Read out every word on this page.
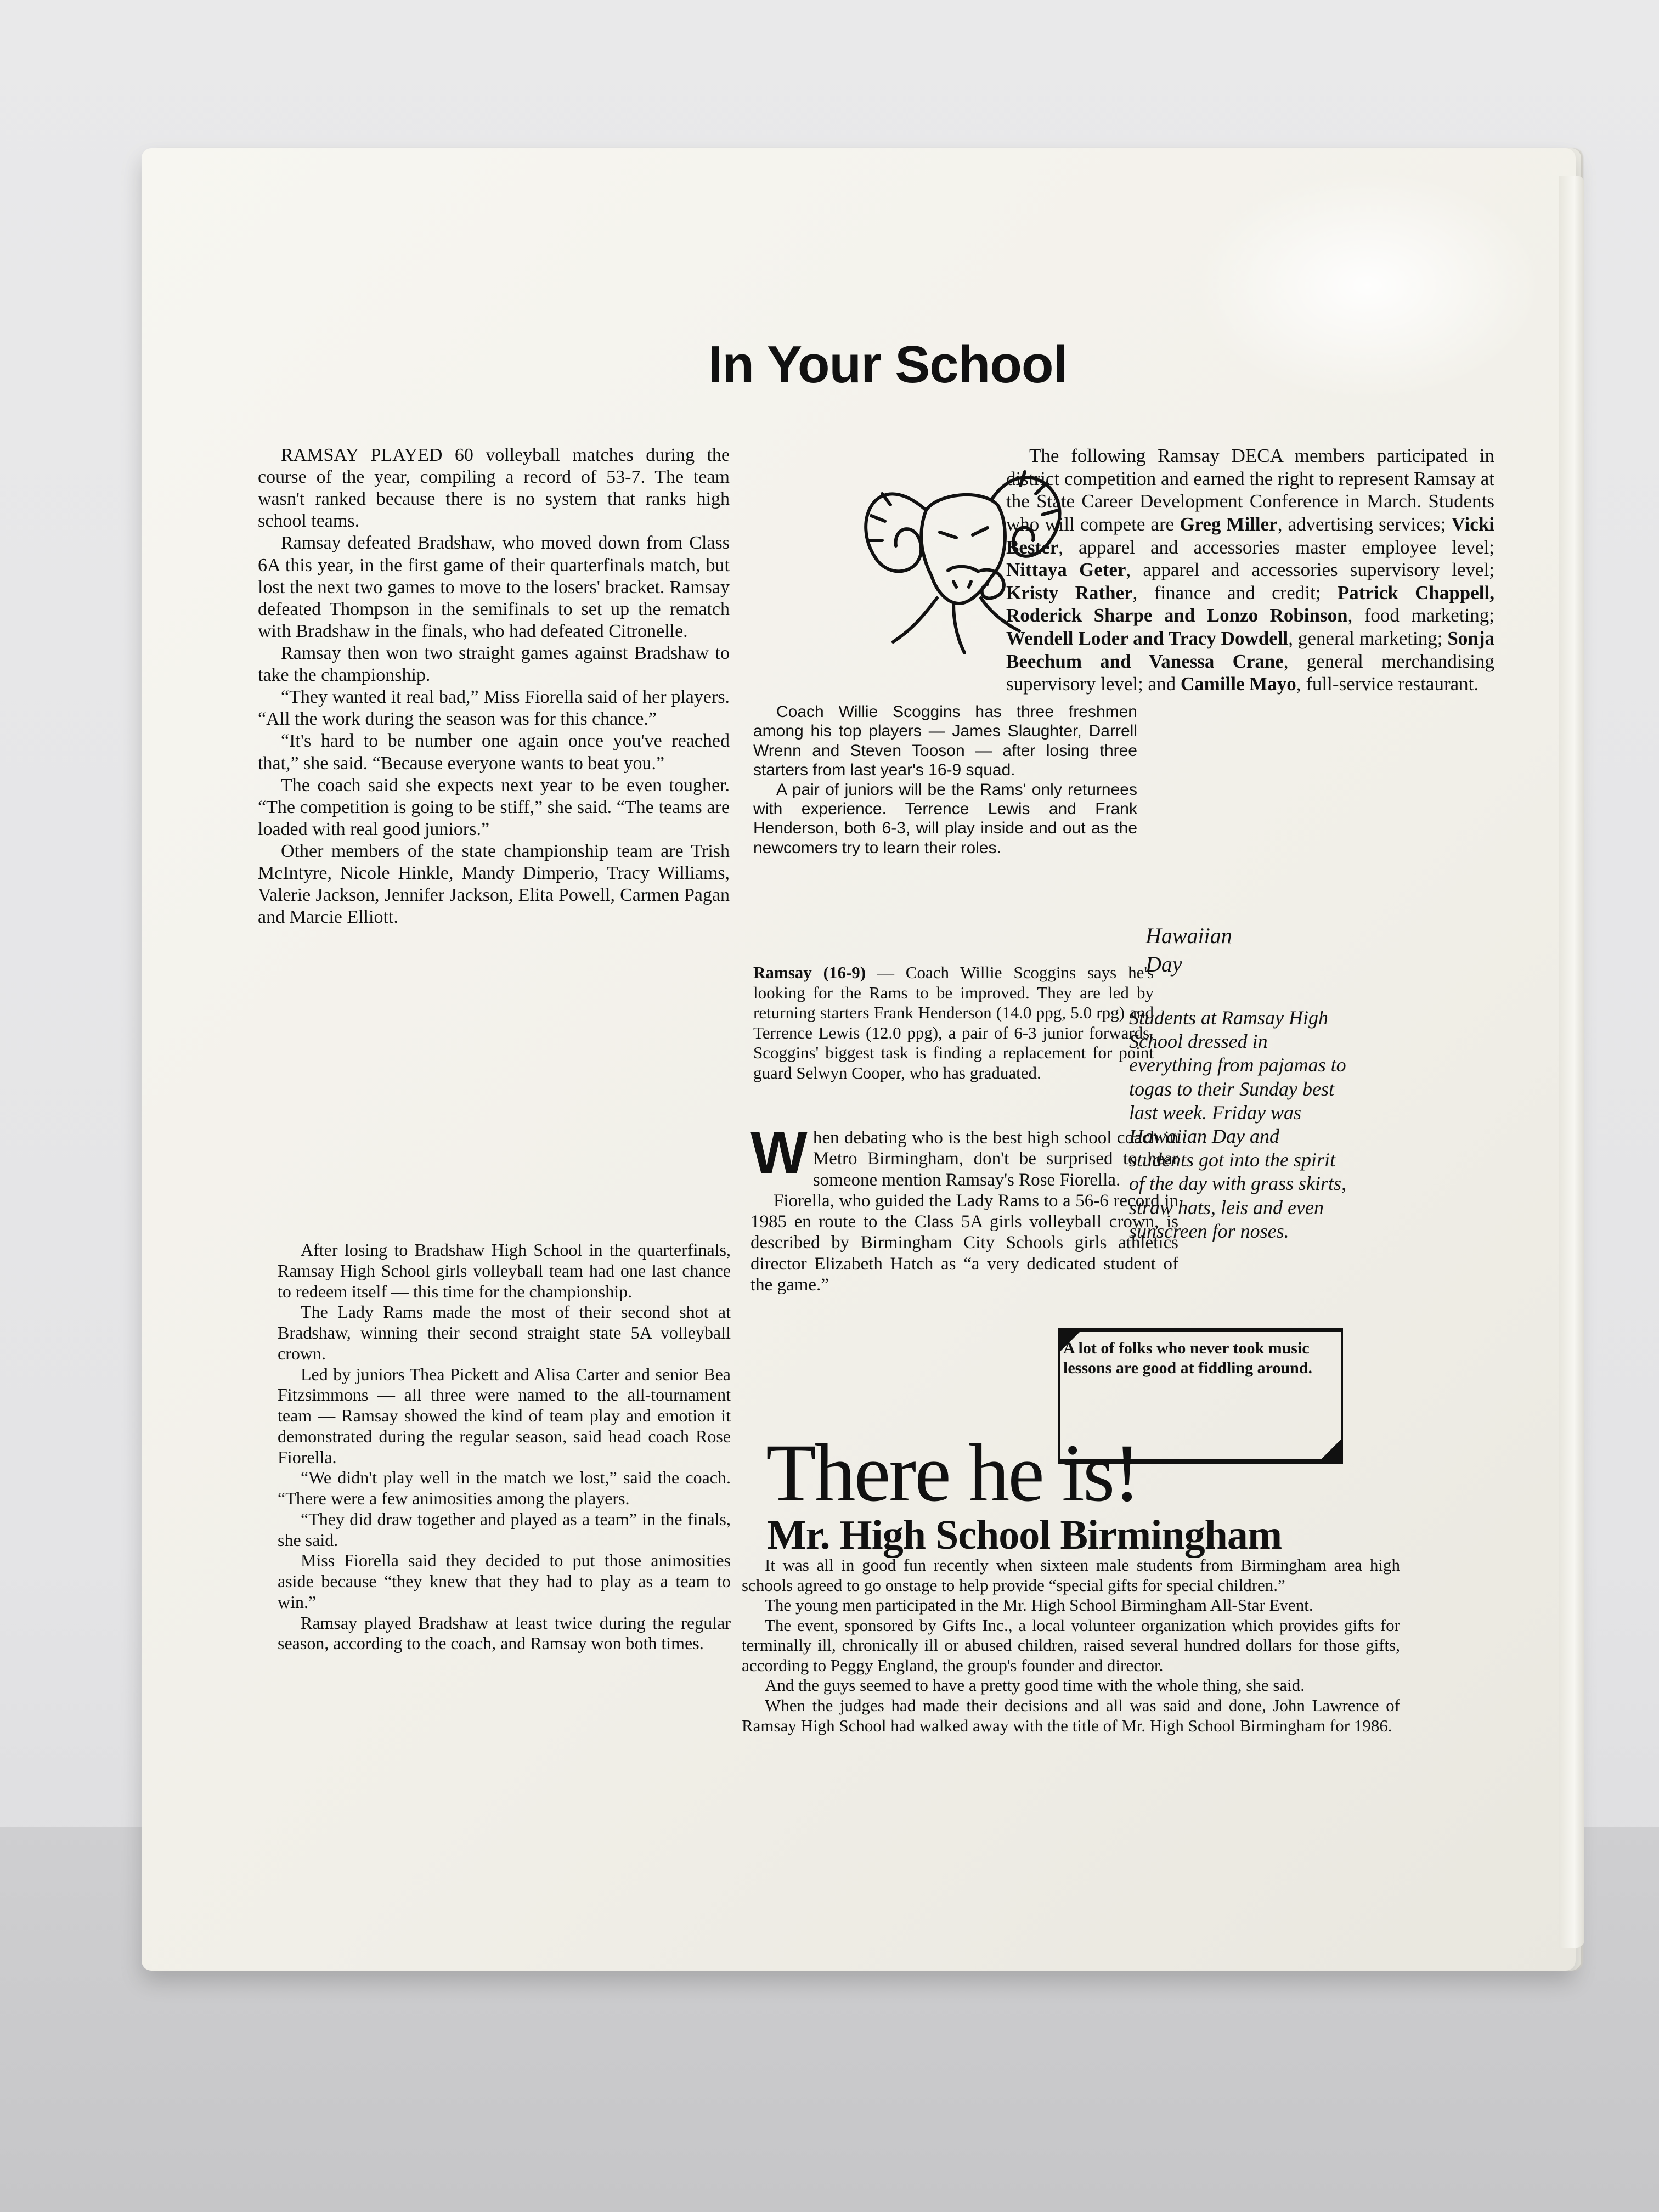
In Your School

RAMSAY PLAYED 60 volleyball matches during the course of the year, compiling a record of 53-7. The team wasn't ranked because there is no system that ranks high school teams.

Ramsay defeated Bradshaw, who moved down from Class 6A this year, in the first game of their quarterfinals match, but lost the next two games to move to the losers' bracket. Ramsay defeated Thompson in the semifinals to set up the rematch with Bradshaw in the finals, who had defeated Citronelle.

Ramsay then won two straight games against Bradshaw to take the championship.

“They wanted it real bad,” Miss Fiorella said of her players. “All the work during the season was for this chance.”

“It's hard to be number one again once you've reached that,” she said. “Because everyone wants to beat you.”

The coach said she expects next year to be even tougher. “The competition is going to be stiff,” she said. “The teams are loaded with real good juniors.”

Other members of the state championship team are Trish McIntyre, Nicole Hinkle, Mandy Dimperio, Tracy Williams, Valerie Jackson, Jennifer Jackson, Elita Powell, Carmen Pagan and Marcie Elliott.

After losing to Bradshaw High School in the quarterfinals, Ramsay High School girls volleyball team had one last chance to redeem itself — this time for the championship.

The Lady Rams made the most of their second shot at Bradshaw, winning their second straight state 5A volleyball crown.

Led by juniors Thea Pickett and Alisa Carter and senior Bea Fitzsimmons — all three were named to the all-tournament team — Ramsay showed the kind of team play and emotion it demonstrated during the regular season, said head coach Rose Fiorella.

“We didn't play well in the match we lost,” said the coach. “There were a few animosities among the players.

“They did draw together and played as a team” in the finals, she said.

Miss Fiorella said they decided to put those animosities aside because “they knew that they had to play as a team to win.”

Ramsay played Bradshaw at least twice during the regular season, according to the coach, and Ramsay won both times.

Coach Willie Scoggins has three freshmen among his top players — James Slaughter, Darrell Wrenn and Steven Tooson — after losing three starters from last year's 16-9 squad.

A pair of juniors will be the Rams' only returnees with experience. Terrence Lewis and Frank Henderson, both 6-3, will play inside and out as the newcomers try to learn their roles.

Ramsay (16-9) — Coach Willie Scoggins says he's looking for the Rams to be improved. They are led by returning starters Frank Henderson (14.0 ppg, 5.0 rpg) and Terrence Lewis (12.0 ppg), a pair of 6-3 junior forwards. Scoggins' biggest task is finding a replacement for point guard Selwyn Cooper, who has graduated.

The following Ramsay DECA members participated in district competition and earned the right to represent Ramsay at the State Career Development Conference in March. Students who will compete are Greg Miller, advertising services; Vicki Bester, apparel and accessories master employee level; Nittaya Geter, apparel and accessories supervisory level; Kristy Rather, finance and credit; Patrick Chappell, Roderick Sharpe and Lonzo Robinson, food marketing; Wendell Loder and Tracy Dowdell, general marketing; Sonja Beechum and Vanessa Crane, general merchandising supervisory level; and Camille Mayo, full-service restaurant.

Hawaiian
Day

Students at Ramsay High School dressed in everything from pajamas to togas to their Sunday best last week. Friday was Hawaiian Day and students got into the spirit of the day with grass skirts, straw hats, leis and even sunscreen for noses.

When debating who is the best high school coach in Metro Birmingham, don't be surprised to hear someone mention Ramsay's Rose Fiorella.

Fiorella, who guided the Lady Rams to a 56-6 record in 1985 en route to the Class 5A girls volleyball crown, is described by Birmingham City Schools girls athletics director Elizabeth Hatch as “a very dedicated student of the game.”

A lot of folks who never took music lessons are good at fiddling around.
There he is!
Mr. High School Birmingham

It was all in good fun recently when sixteen male students from Birmingham area high schools agreed to go onstage to help provide “special gifts for special children.”

The young men participated in the Mr. High School Birmingham All-Star Event.

The event, sponsored by Gifts Inc., a local volunteer organization which provides gifts for terminally ill, chronically ill or abused children, raised several hundred dollars for those gifts, according to Peggy England, the group's founder and director.

And the guys seemed to have a pretty good time with the whole thing, she said.

When the judges had made their decisions and all was said and done, John Lawrence of Ramsay High School had walked away with the title of Mr. High School Birmingham for 1986.
